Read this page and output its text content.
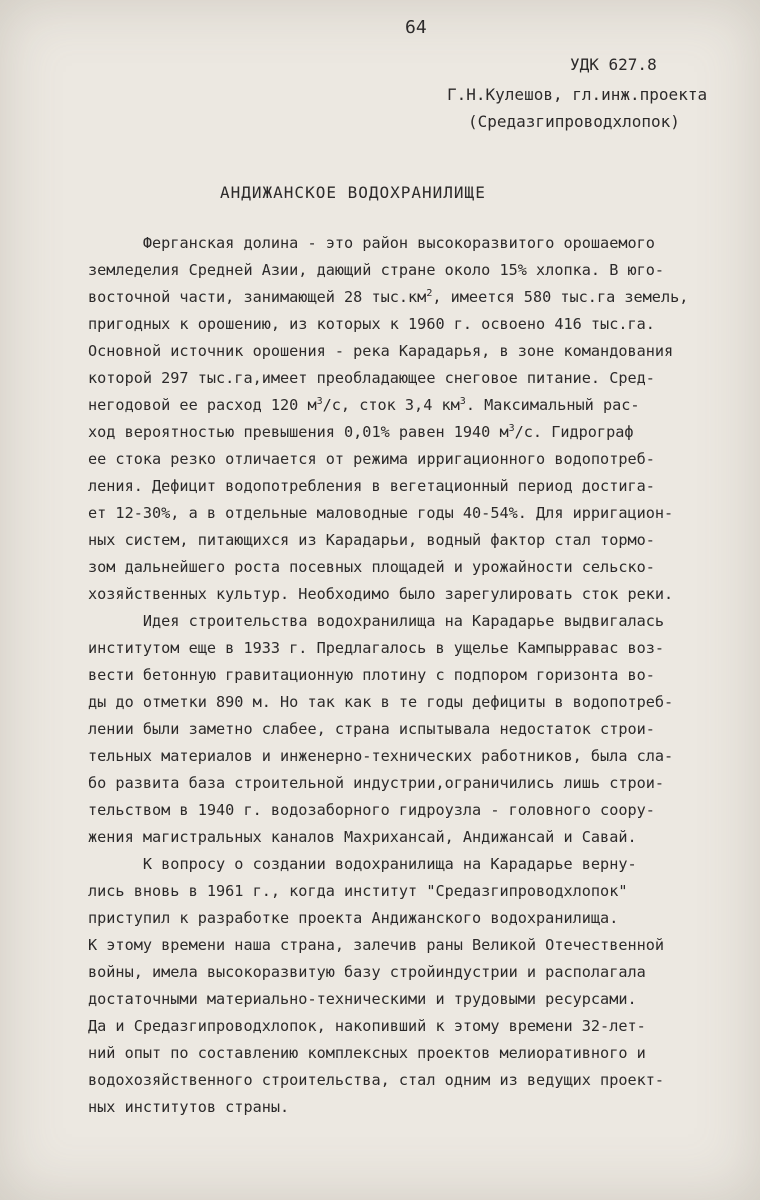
64
УДК 627.8
Г.Н.Кулешов, гл.инж.проекта
(Средазгипроводхлопок)
АНДИЖАНСКОЕ ВОДОХРАНИЛИЩЕ
Ферганская долина - это район высокоразвитого орошаемого
земледелия Средней Азии, дающий стране около 15% хлопка. В юго-
восточной части, занимающей 28 $тыс.км^2$, имеется 580 тыс.га земель,
пригодных к орошению, из которых к 1960 г. освоено 416 тыс.га.
Основной источник орошения - река Карадарья, в зоне командования
которой 297 тыс.га,имеет преобладающее снеговое питание. Сред-
негодовой ее расход 120 $м^3/с$, сток 3,4 $км^3$. Максимальный рас-
ход вероятностью превышения 0,01% равен 1940 $м^3/с$. Гидрограф
ее стока резко отличается от режима ирригационного водопотреб-
ления. Дефицит водопотребления в вегетационный период достига-
ет 12-30%, а в отдельные маловодные годы 40-54%. Для ирригацион-
ных систем, питающихся из Карадарьи, водный фактор стал тормо-
зом дальнейшего роста посевных площадей и урожайности сельско-
хозяйственных культур. Необходимо было зарегулировать сток реки.
Идея строительства водохранилища на Карадарье выдвигалась
институтом еще в 1933 г. Предлагалось в ущелье Кампырравас воз-
вести бетонную гравитационную плотину с подпором горизонта во-
ды до отметки 890 м. Но так как в те годы дефициты в водопотреб-
лении были заметно слабее, страна испытывала недостаток строи-
тельных материалов и инженерно-технических работников, была сла-
бо развита база строительной индустрии,ограничились лишь строи-
тельством в 1940 г. водозаборного гидроузла - головного соору-
жения магистральных каналов Махрихансай, Андижансай и Савай.
К вопросу о создании водохранилища на Карадарье верну-
лись вновь в 1961 г., когда институт "Средазгипроводхлопок"
приступил к разработке проекта Андижанского водохранилища.
К этому времени наша страна, залечив раны Великой Отечественной
войны, имела высокоразвитую базу стройиндустрии и располагала
достаточными материально-техническими и трудовыми ресурсами.
Да и Средазгипроводхлопок, накопивший к этому времени 32-лет-
ний опыт по составлению комплексных проектов мелиоративного и
водохозяйственного строительства, стал одним из ведущих проект-
ных институтов страны.
